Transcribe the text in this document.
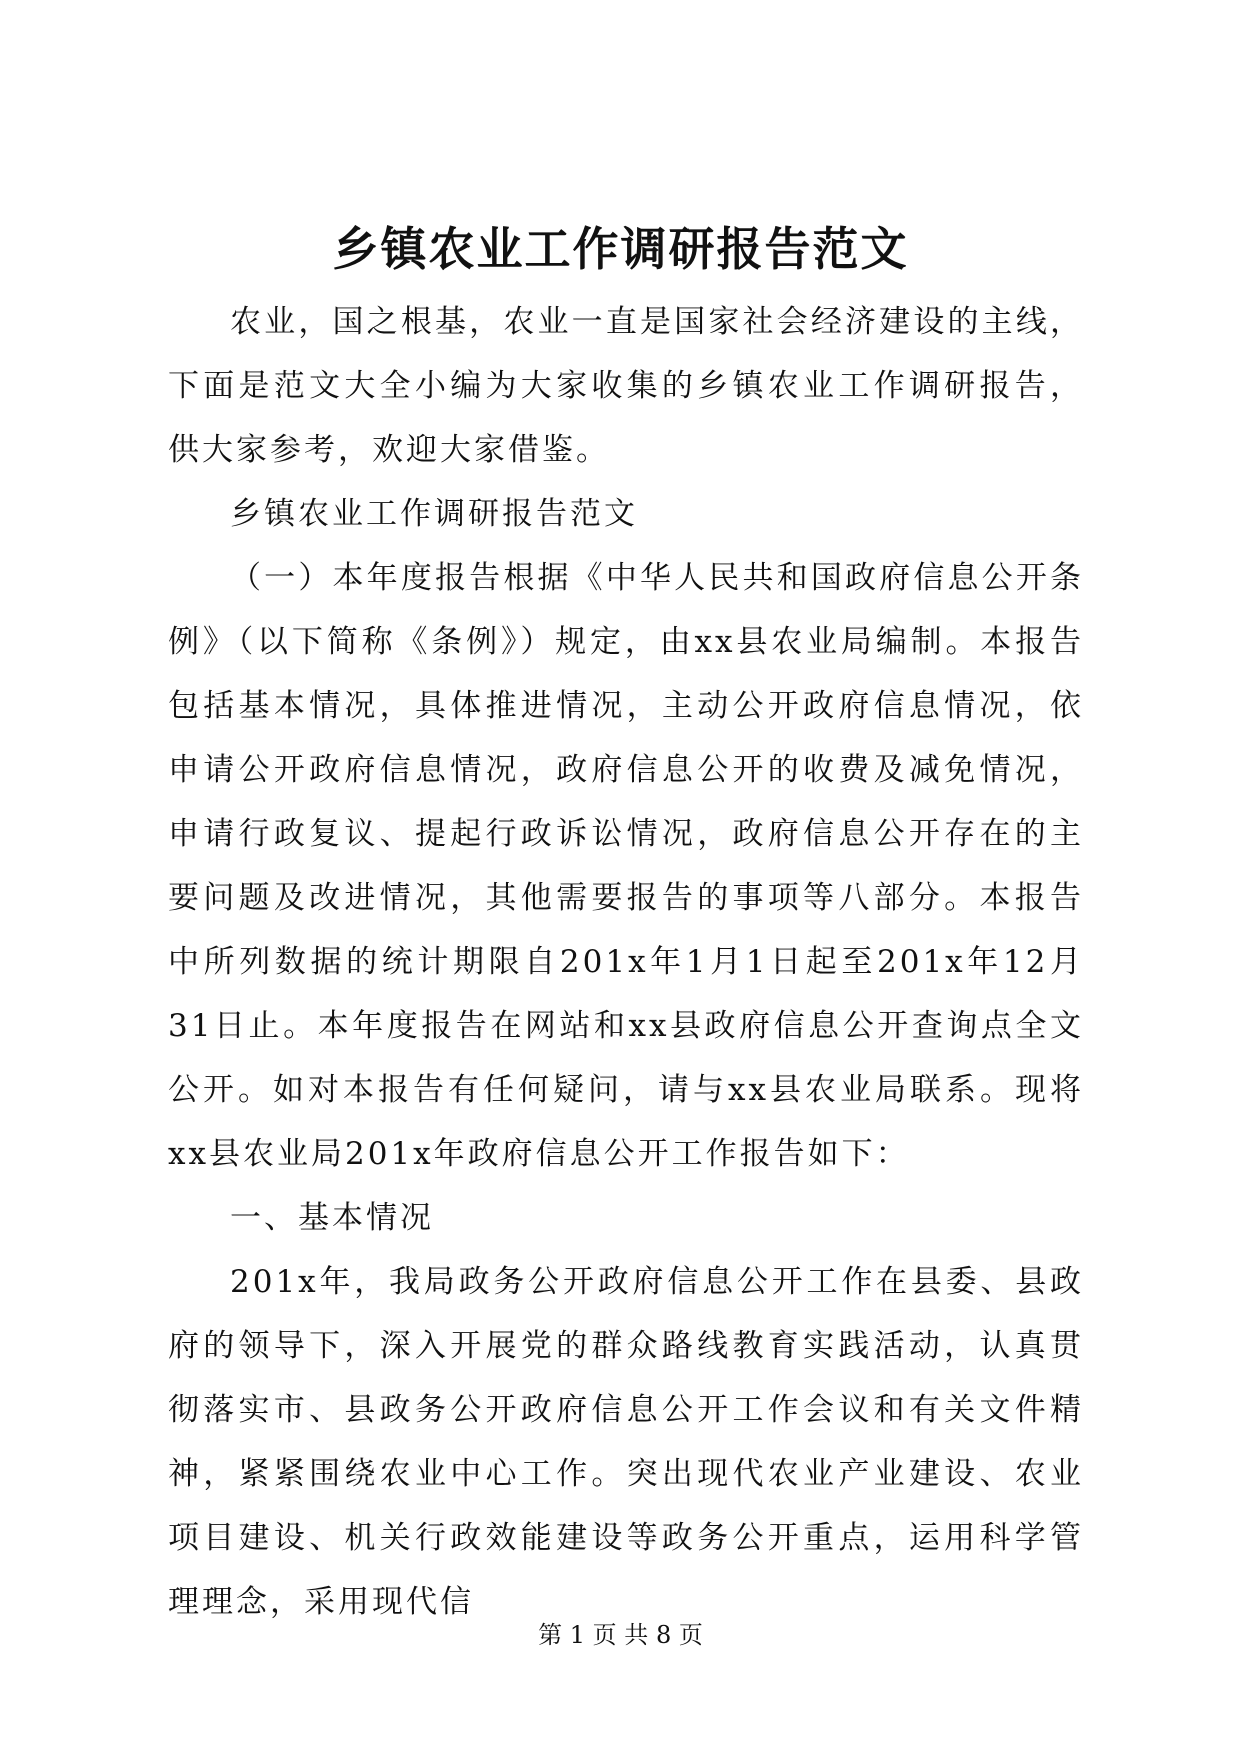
乡镇农业工作调研报告范文

农业，国之根基，农业一直是国家社会经济建设的主线，下面是范文大全小编为大家收集的乡镇农业工作调研报告，供大家参考，欢迎大家借鉴。

乡镇农业工作调研报告范文

（一）本年度报告根据《中华人民共和国政府信息公开条例》（以下简称《条例》）规定，由xx县农业局编制。本报告包括基本情况，具体推进情况，主动公开政府信息情况，依申请公开政府信息情况，政府信息公开的收费及减免情况，申请行政复议、提起行政诉讼情况，政府信息公开存在的主要问题及改进情况，其他需要报告的事项等八部分。本报告中所列数据的统计期限自201x年1月1日起至201x年12月31日止。本年度报告在网站和xx县政府信息公开查询点全文公开。如对本报告有任何疑问，请与xx县农业局联系。现将xx县农业局201x年政府信息公开工作报告如下：

一、基本情况

201x年，我局政务公开政府信息公开工作在县委、县政府的领导下，深入开展党的群众路线教育实践活动，认真贯彻落实市、县政务公开政府信息公开工作会议和有关文件精神，紧紧围绕农业中心工作。突出现代农业产业建设、农业项目建设、机关行政效能建设等政务公开重点，运用科学管理理念，采用现代信

第 1 页 共 8 页
